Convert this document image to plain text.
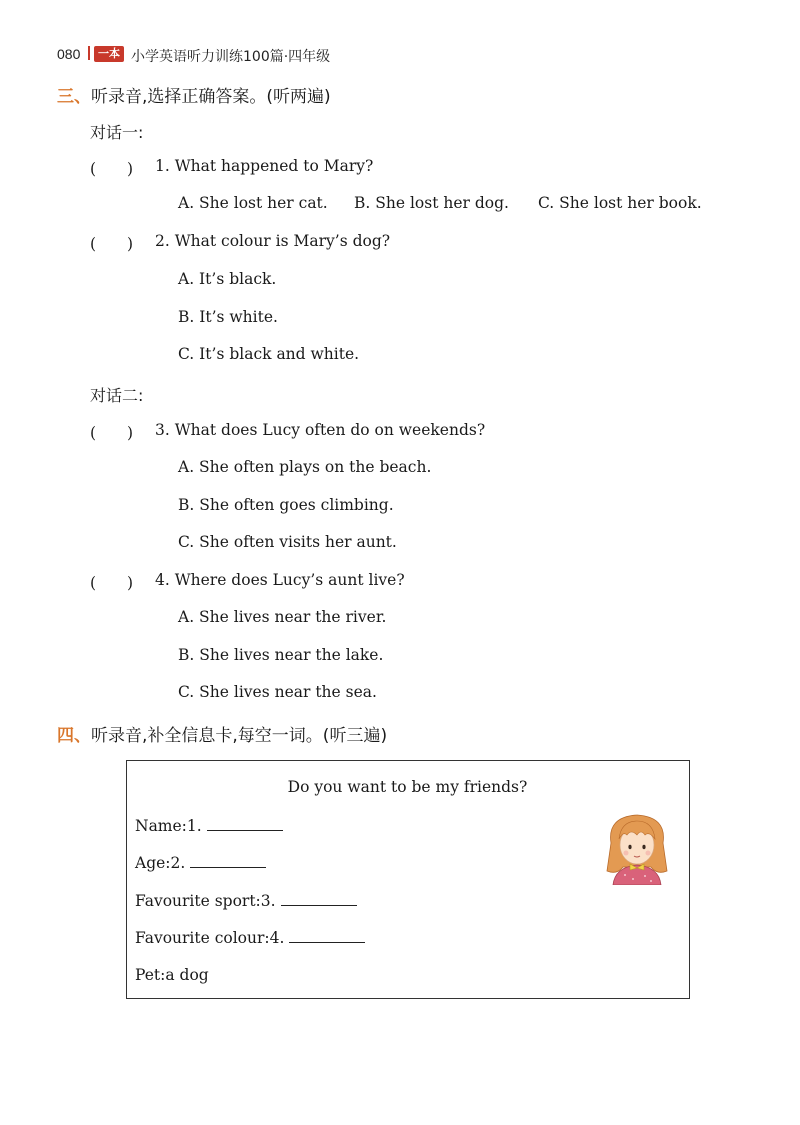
080	一本 小学英语听力训练100篇·四年级
三、听录音,选择正确答案。(听两遍)
对话一:
(　　) 1. What happened to Mary?
A. She lost her cat. B. She lost her dog. C. She lost her book.
(　　) 2. What colour is Mary’s dog?
A. It’s black.
B. It’s white.
C. It’s black and white.
对话二:
(　　) 3. What does Lucy often do on weekends?
A. She often plays on the beach.
B. She often goes climbing.
C. She often visits her aunt.
(　　) 4. Where does Lucy’s aunt live?
A. She lives near the river.
B. She lives near the lake.
C. She lives near the sea.
四、听录音,补全信息卡,每空一词。(听三遍)
Do you want to be my friends?
Name:1.
Age:2.
Favourite sport:3.
Favourite colour:4.
Pet:a dog
